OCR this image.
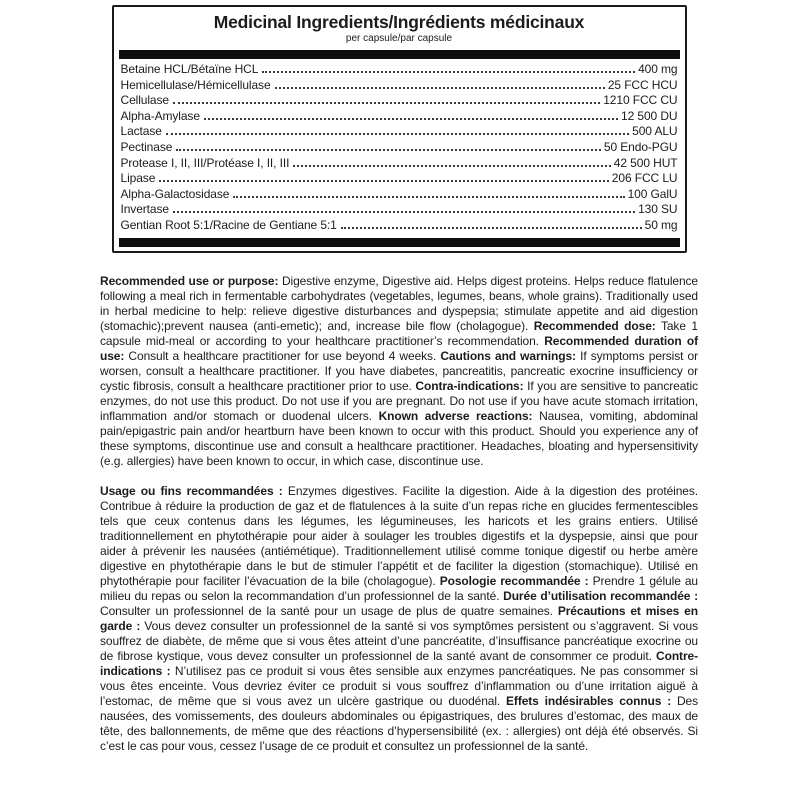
Medicinal Ingredients/Ingrédients médicinaux
per capsule/par capsule
Betaine HCL/Bétaïne HCL	400 mg
Hemicellulase/Hémicellulase	25 FCC HCU
Cellulase	1210 FCC CU
Alpha-Amylase	12 500 DU
Lactase	500 ALU
Pectinase	50 Endo-PGU
Protease I, II, III/Protéase I, II, III	42 500 HUT
Lipase	206 FCC LU
Alpha-Galactosidase	100 GalU
Invertase	130 SU
Gentian Root 5:1/Racine de Gentiane 5:1	50 mg

Recommended use or purpose: Digestive enzyme, Digestive aid. Helps digest proteins. Helps reduce flatulence following a meal rich in fermentable carbohydrates (vegetables, legumes, beans, whole grains). Traditionally used in herbal medicine to help: relieve digestive disturbances and dyspepsia; stimulate appetite and aid digestion (stomachic);prevent nausea (anti-emetic); and, increase bile flow (cholagogue). Recommended dose: Take 1 capsule mid-meal or according to your healthcare practitioner’s recommendation. Recommended duration of use: Consult a healthcare practitioner for use beyond 4 weeks. Cautions and warnings: If symptoms persist or worsen, consult a healthcare practitioner. If you have diabetes, pancreatitis, pancreatic exocrine insufficiency or cystic fibrosis, consult a healthcare practitioner prior to use. Contra-indications: If you are sensitive to pancreatic enzymes, do not use this product. Do not use if you are pregnant. Do not use if you have acute stomach irritation, inflammation and/or stomach or duodenal ulcers. Known adverse reactions: Nausea, vomiting, abdominal pain/epigastric pain and/or heartburn have been known to occur with this product. Should you experience any of these symptoms, discontinue use and consult a healthcare practitioner. Headaches, bloating and hypersensitivity (e.g. allergies) have been known to occur, in which case, discontinue use.

Usage ou fins recommandées : Enzymes digestives. Facilite la digestion. Aide à la digestion des protéines. Contribue à réduire la production de gaz et de flatulences à la suite d’un repas riche en glucides fermentescibles tels que ceux contenus dans les légumes, les légumineuses, les haricots et les grains entiers. Utilisé traditionnellement en phytothérapie pour aider à soulager les troubles digestifs et la dyspepsie, ainsi que pour aider à prévenir les nausées (antiémétique). Traditionnellement utilisé comme tonique digestif ou herbe amère digestive en phytothérapie dans le but de stimuler l’appétit et de faciliter la digestion (stomachique). Utilisé en phytothérapie pour faciliter l’évacuation de la bile (cholagogue). Posologie recommandée : Prendre 1 gélule au milieu du repas ou selon la recommandation d’un professionnel de la santé. Durée d’utilisation recommandée : Consulter un professionnel de la santé pour un usage de plus de quatre semaines. Précautions et mises en garde : Vous devez consulter un professionnel de la santé si vos symptômes persistent ou s’aggravent. Si vous souffrez de diabète, de même que si vous êtes atteint d’une pancréatite, d’insuffisance pancréatique exocrine ou de fibrose kystique, vous devez consulter un professionnel de la santé avant de consommer ce produit. Contre-indications : N’utilisez pas ce produit si vous êtes sensible aux enzymes pancréatiques. Ne pas consommer si vous êtes enceinte. Vous devriez éviter ce produit si vous souffrez d’inflammation ou d’une irritation aiguë à l’estomac, de même que si vous avez un ulcère gastrique ou duodénal. Effets indésirables connus : Des nausées, des vomissements, des douleurs abdominales ou épigastriques, des brulures d’estomac, des maux de tête, des ballonnements, de même que des réactions d’hypersensibilité (ex. : allergies) ont déjà été observés. Si c’est le cas pour vous, cessez l’usage de ce produit et consultez un professionnel de la santé.
